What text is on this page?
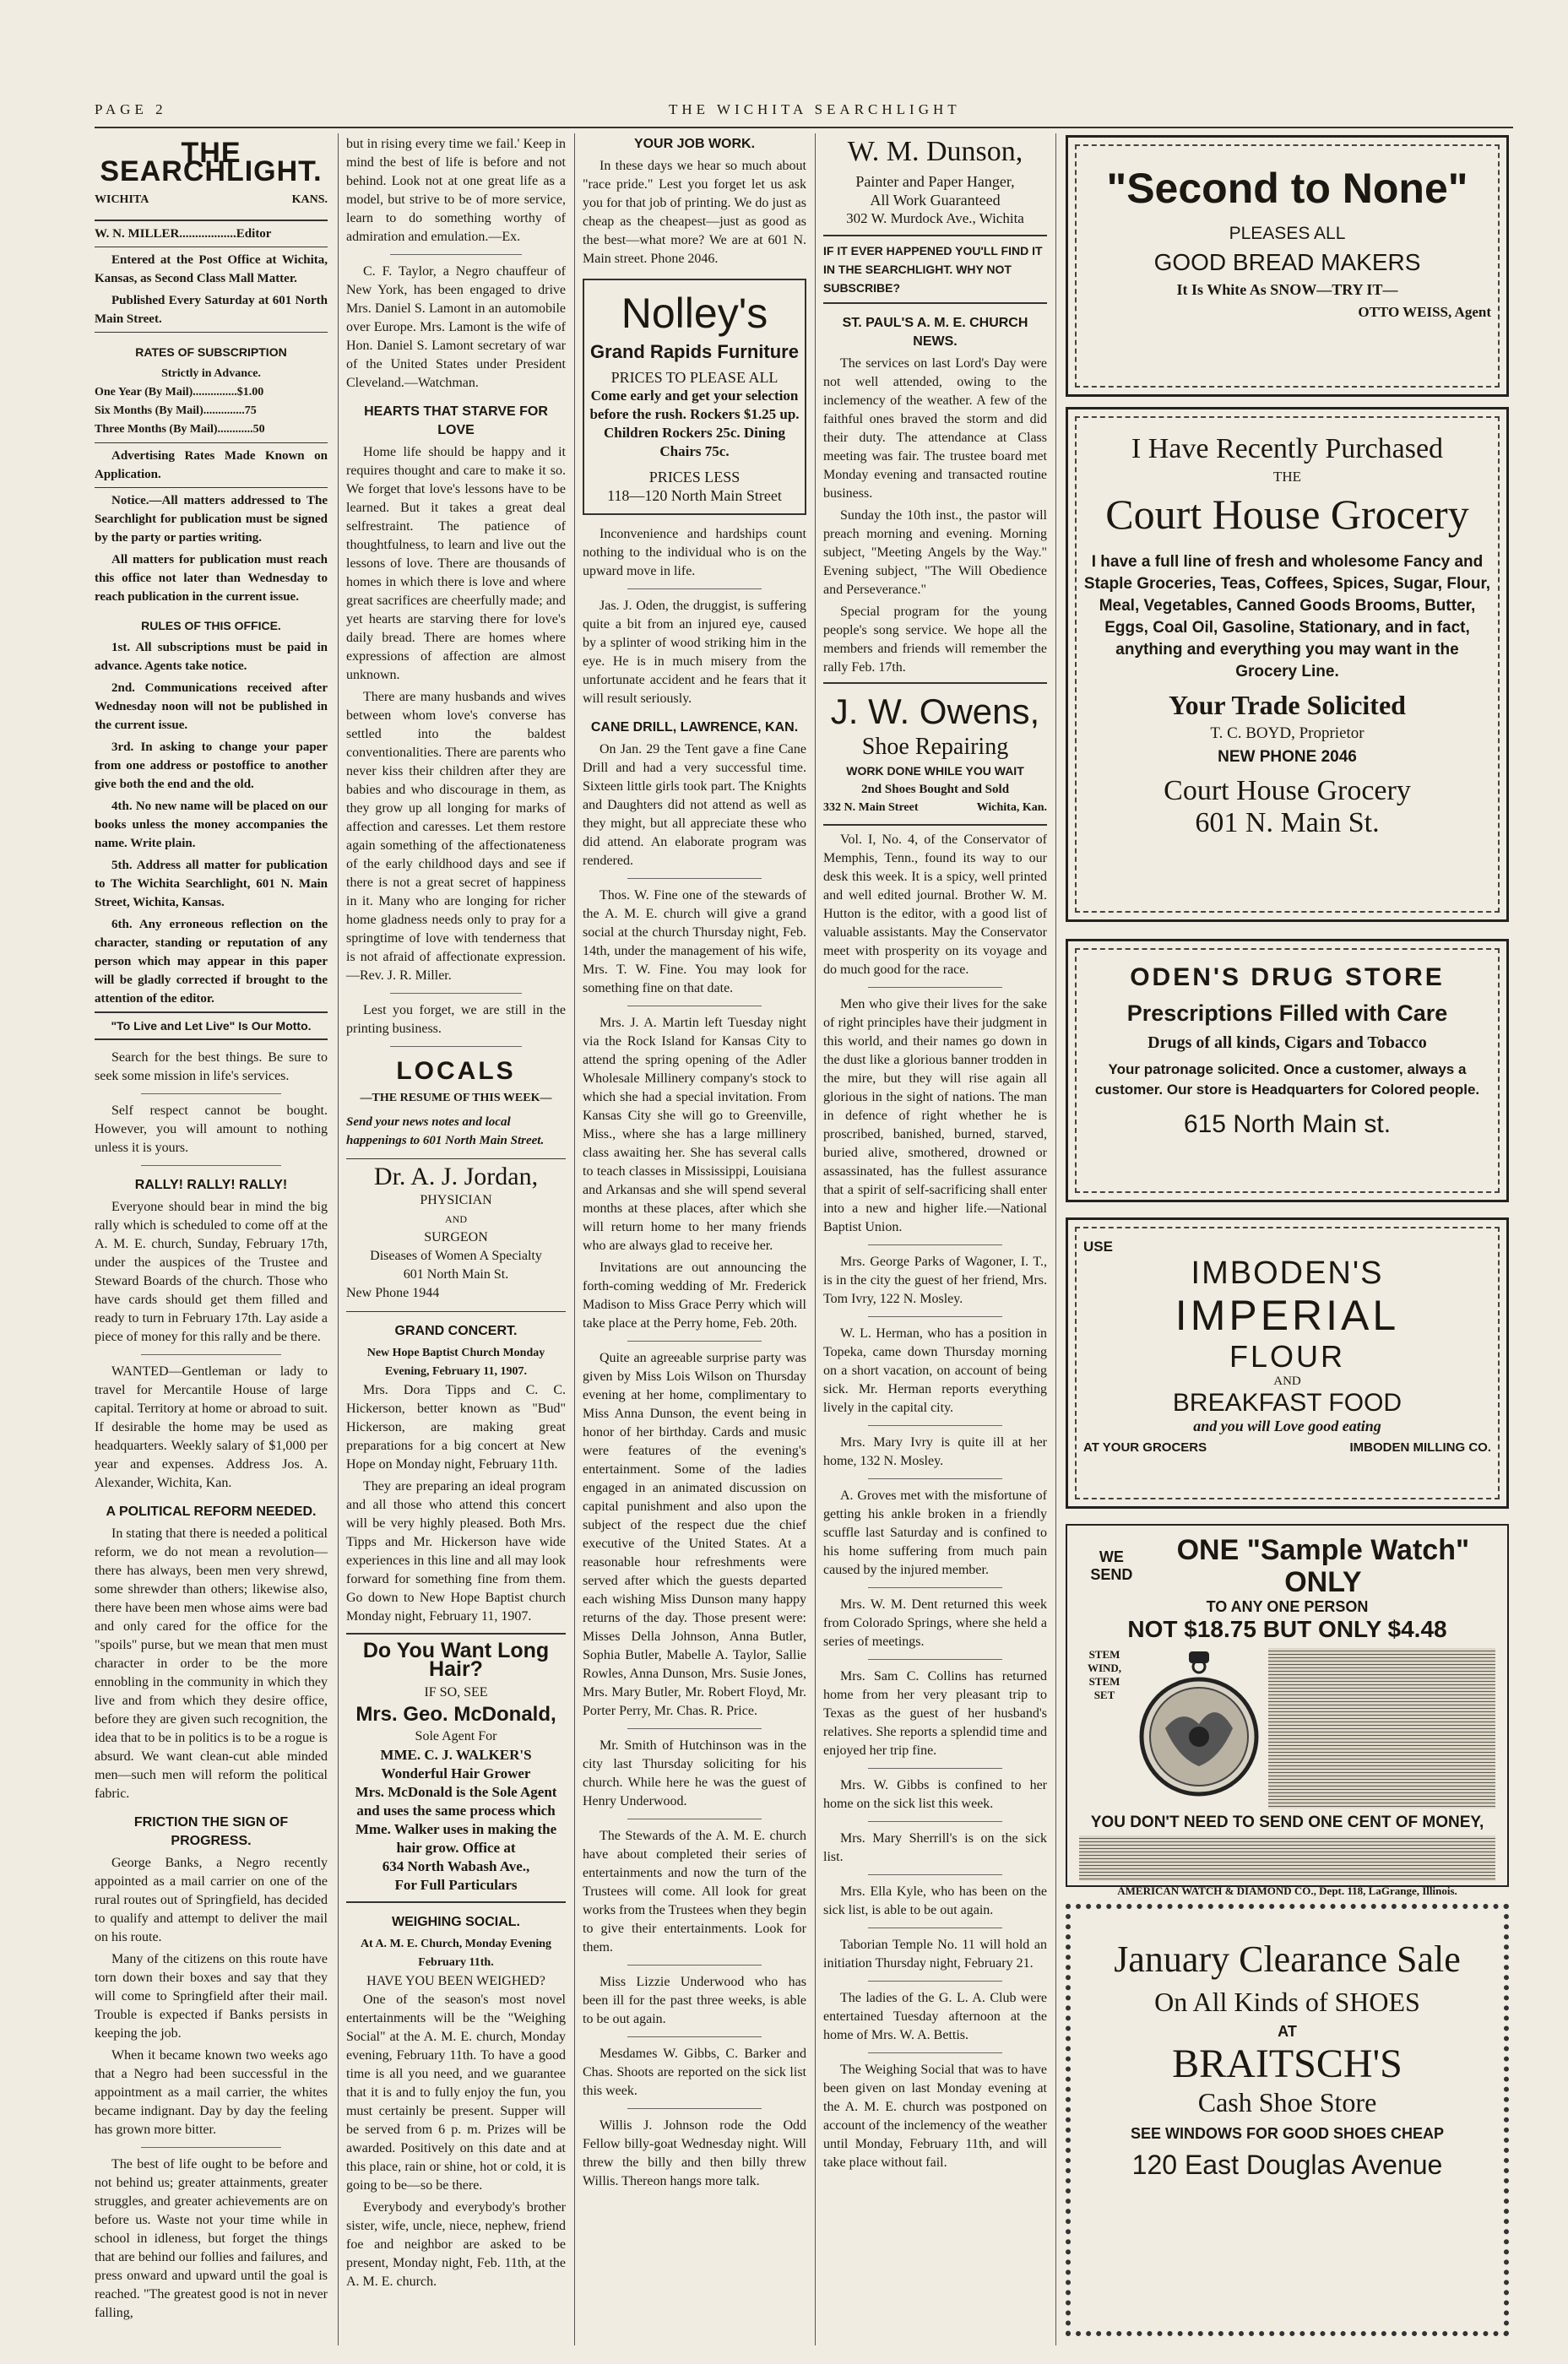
PAGE 2	THE WICHITA SEARCHLIGHT
THE SEARCHLIGHT.
WICHITA	KANS.
W. N. MILLER..................Editor

Entered at the Post Office at Wichita, Kansas, as Second Class Mall Matter.

Published Every Saturday at 601 North Main Street.

RATES OF SUBSCRIPTION
Strictly in Advance.
One Year (By Mail)...............$1.00
Six Months (By Mail)..............75
Three Months (By Mail)............50

Advertising Rates Made Known on Application.

Notice.—All matters addressed to The Searchlight for publication must be signed by the party or parties writing.

All matters for publication must reach this office not later than Wednesday to reach publication in the current issue.

RULES OF THIS OFFICE.

1st. All subscriptions must be paid in advance. Agents take notice.

2nd. Communications received after Wednesday noon will not be published in the current issue.

3rd. In asking to change your paper from one address or postoffice to another give both the end and the old.

4th. No new name will be placed on our books unless the money accompanies the name. Write plain.

5th. Address all matter for publication to The Wichita Searchlight, 601 N. Main Street, Wichita, Kansas.

6th. Any erroneous reflection on the character, standing or reputation of any person which may appear in this paper will be gladly corrected if brought to the attention of the editor.

"To Live and Let Live" Is Our Motto.

Search for the best things. Be sure to seek some mission in life's services.

Self respect cannot be bought. However, you will amount to nothing unless it is yours.

RALLY! RALLY! RALLY!

Everyone should bear in mind the big rally which is scheduled to come off at the A. M. E. church, Sunday, February 17th, under the auspices of the Trustee and Steward Boards of the church. Those who have cards should get them filled and ready to turn in February 17th. Lay aside a piece of money for this rally and be there.

WANTED—Gentleman or lady to travel for Mercantile House of large capital. Territory at home or abroad to suit. If desirable the home may be used as headquarters. Weekly salary of $1,000 per year and expenses. Address Jos. A. Alexander, Wichita, Kan.

A POLITICAL REFORM NEEDED.

In stating that there is needed a political reform, we do not mean a revolution—there has always, been men very shrewd, some shrewder than others; likewise also, there have been men whose aims were bad and only cared for the office for the "spoils" purse, but we mean that men must character in order to be the more ennobling in the community in which they live and from which they desire office, before they are given such recognition, the idea that to be in politics is to be a rogue is absurd. We want clean-cut able minded men—such men will reform the political fabric.

FRICTION THE SIGN OF PROGRESS.

George Banks, a Negro recently appointed as a mail carrier on one of the rural routes out of Springfield, has decided to qualify and attempt to deliver the mail on his route.

Many of the citizens on this route have torn down their boxes and say that they will come to Springfield after their mail. Trouble is expected if Banks persists in keeping the job.

When it became known two weeks ago that a Negro had been successful in the appointment as a mail carrier, the whites became indignant. Day by day the feeling has grown more bitter.

The best of life ought to be before and not behind us; greater attainments, greater struggles, and greater achievements are on before us. Waste not your time while in school in idleness, but forget the things that are behind our follies and failures, and press onward and upward until the goal is reached. "The greatest good is not in never falling,

but in rising every time we fail.' Keep in mind the best of life is before and not behind. Look not at one great life as a model, but strive to be of more service, learn to do something worthy of admiration and emulation.—Ex.

C. F. Taylor, a Negro chauffeur of New York, has been engaged to drive Mrs. Daniel S. Lamont in an automobile over Europe. Mrs. Lamont is the wife of Hon. Daniel S. Lamont secretary of war of the United States under President Cleveland.—Watchman.

HEARTS THAT STARVE FOR LOVE

Home life should be happy and it requires thought and care to make it so. We forget that love's lessons have to be learned. But it takes a great deal selfrestraint. The patience of thoughtfulness, to learn and live out the lessons of love. There are thousands of homes in which there is love and where great sacrifices are cheerfully made; and yet hearts are starving there for love's daily bread. There are homes where expressions of affection are almost unknown.

There are many husbands and wives between whom love's converse has settled into the baldest conventionalities. There are parents who never kiss their children after they are babies and who discourage in them, as they grow up all longing for marks of affection and caresses. Let them restore again something of the affectionateness of the early childhood days and see if there is not a great secret of happiness in it. Many who are longing for richer home gladness needs only to pray for a springtime of love with tenderness that is not afraid of affectionate expression.—Rev. J. R. Miller.

Lest you forget, we are still in the printing business.

LOCALS
—THE RESUME OF THIS WEEK—
Send your news notes and local happenings to 601 North Main Street.
Dr. A. J. Jordan,
PHYSICIAN
AND
SURGEON
Diseases of Women A Specialty
601 North Main St.
New Phone 1944
GRAND CONCERT.
New Hope Baptist Church Monday Evening, February 11, 1907.

Mrs. Dora Tipps and C. C. Hickerson, better known as "Bud" Hickerson, are making great preparations for a big concert at New Hope on Monday night, February 11th.

They are preparing an ideal program and all those who attend this concert will be very highly pleased. Both Mrs. Tipps and Mr. Hickerson have wide experiences in this line and all may look forward for something fine from them. Go down to New Hope Baptist church Monday night, February 11, 1907.

Do You Want Long Hair?
IF SO, SEE
Mrs. Geo. McDonald,
Sole Agent For
MME. C. J. WALKER'S
Wonderful Hair Grower
Mrs. McDonald is the Sole Agent and uses the same process which Mme. Walker uses in making the hair grow. Office at
634 North Wabash Ave.,
For Full Particulars
WEIGHING SOCIAL.
At A. M. E. Church, Monday Evening February 11th.
HAVE YOU BEEN WEIGHED?

One of the season's most novel entertainments will be the "Weighing Social" at the A. M. E. church, Monday evening, February 11th. To have a good time is all you need, and we guarantee that it is and to fully enjoy the fun, you must certainly be present. Supper will be served from 6 p. m. Prizes will be awarded. Positively on this date and at this place, rain or shine, hot or cold, it is going to be—so be there.

Everybody and everybody's brother sister, wife, uncle, niece, nephew, friend foe and neighbor are asked to be present, Monday night, Feb. 11th, at the A. M. E. church.

YOUR JOB WORK.

In these days we hear so much about "race pride." Lest you forget let us ask you for that job of printing. We do just as cheap as the cheapest—just as good as the best—what more? We are at 601 N. Main street. Phone 2046.

Nolley's
Grand Rapids Furniture
PRICES TO PLEASE ALL
Come early and get your selection before the rush. Rockers $1.25 up. Children Rockers 25c. Dining Chairs 75c.
PRICES LESS
118—120 North Main Street

Inconvenience and hardships count nothing to the individual who is on the upward move in life.

Jas. J. Oden, the druggist, is suffering quite a bit from an injured eye, caused by a splinter of wood striking him in the eye. He is in much misery from the unfortunate accident and he fears that it will result seriously.

CANE DRILL, LAWRENCE, KAN.

On Jan. 29 the Tent gave a fine Cane Drill and had a very successful time. Sixteen little girls took part. The Knights and Daughters did not attend as well as they might, but all appreciate these who did attend. An elaborate program was rendered.

Thos. W. Fine one of the stewards of the A. M. E. church will give a grand social at the church Thursday night, Feb. 14th, under the management of his wife, Mrs. T. W. Fine. You may look for something fine on that date.

Mrs. J. A. Martin left Tuesday night via the Rock Island for Kansas City to attend the spring opening of the Adler Wholesale Millinery company's stock to which she had a special invitation. From Kansas City she will go to Greenville, Miss., where she has a large millinery class awaiting her. She has several calls to teach classes in Mississippi, Louisiana and Arkansas and she will spend several months at these places, after which she will return home to her many friends who are always glad to receive her.

Invitations are out announcing the forth-coming wedding of Mr. Frederick Madison to Miss Grace Perry which will take place at the Perry home, Feb. 20th.

Quite an agreeable surprise party was given by Miss Lois Wilson on Thursday evening at her home, complimentary to Miss Anna Dunson, the event being in honor of her birthday. Cards and music were features of the evening's entertainment. Some of the ladies engaged in an animated discussion on capital punishment and also upon the subject of the respect due the chief executive of the United States. At a reasonable hour refreshments were served after which the guests departed each wishing Miss Dunson many happy returns of the day. Those present were: Misses Della Johnson, Anna Butler, Sophia Butler, Mabelle A. Taylor, Sallie Rowles, Anna Dunson, Mrs. Susie Jones, Mrs. Mary Butler, Mr. Robert Floyd, Mr. Porter Perry, Mr. Chas. R. Price.

Mr. Smith of Hutchinson was in the city last Thursday soliciting for his church. While here he was the guest of Henry Underwood.

The Stewards of the A. M. E. church have about completed their series of entertainments and now the turn of the Trustees will come. All look for great works from the Trustees when they begin to give their entertainments. Look for them.

Miss Lizzie Underwood who has been ill for the past three weeks, is able to be out again.

Mesdames W. Gibbs, C. Barker and Chas. Shoots are reported on the sick list this week.

Willis J. Johnson rode the Odd Fellow billy-goat Wednesday night. Will threw the billy and then billy threw Willis. Thereon hangs more talk.

W. M. Dunson,
Painter and Paper Hanger,
All Work Guaranteed
302 W. Murdock Ave., Wichita
IF IT EVER HAPPENED YOU'LL FIND IT IN THE SEARCHLIGHT. WHY NOT SUBSCRIBE?
ST. PAUL'S A. M. E. CHURCH NEWS.

The services on last Lord's Day were not well attended, owing to the inclemency of the weather. A few of the faithful ones braved the storm and did their duty. The attendance at Class meeting was fair. The trustee board met Monday evening and transacted routine business.

Sunday the 10th inst., the pastor will preach morning and evening. Morning subject, "Meeting Angels by the Way." Evening subject, "The Will Obedience and Perseverance."

Special program for the young people's song service. We hope all the members and friends will remember the rally Feb. 17th.

J. W. Owens,
Shoe Repairing
WORK DONE WHILE YOU WAIT
2nd Shoes Bought and Sold
332 N. Main Street	Wichita, Kan.

Vol. I, No. 4, of the Conservator of Memphis, Tenn., found its way to our desk this week. It is a spicy, well printed and well edited journal. Brother W. M. Hutton is the editor, with a good list of valuable assistants. May the Conservator meet with prosperity on its voyage and do much good for the race.

Men who give their lives for the sake of right principles have their judgment in this world, and their names go down in the dust like a glorious banner trodden in the mire, but they will rise again all glorious in the sight of nations. The man in defence of right whether he is proscribed, banished, burned, starved, buried alive, smothered, drowned or assassinated, has the fullest assurance that a spirit of self-sacrificing shall enter into a new and higher life.—National Baptist Union.

Mrs. George Parks of Wagoner, I. T., is in the city the guest of her friend, Mrs. Tom Ivry, 122 N. Mosley.

W. L. Herman, who has a position in Topeka, came down Thursday morning on a short vacation, on account of being sick. Mr. Herman reports everything lively in the capital city.

Mrs. Mary Ivry is quite ill at her home, 132 N. Mosley.

A. Groves met with the misfortune of getting his ankle broken in a friendly scuffle last Saturday and is confined to his home suffering from much pain caused by the injured member.

Mrs. W. M. Dent returned this week from Colorado Springs, where she held a series of meetings.

Mrs. Sam C. Collins has returned home from her very pleasant trip to Texas as the guest of her husband's relatives. She reports a splendid time and enjoyed her trip fine.

Mrs. W. Gibbs is confined to her home on the sick list this week.

Mrs. Mary Sherrill's is on the sick list.

Mrs. Ella Kyle, who has been on the sick list, is able to be out again.

Taborian Temple No. 11 will hold an initiation Thursday night, February 21.

The ladies of the G. L. A. Club were entertained Tuesday afternoon at the home of Mrs. W. A. Bettis.

The Weighing Social that was to have been given on last Monday evening at the A. M. E. church was postponed on account of the inclemency of the weather until Monday, February 11th, and will take place without fail.

"Second to None"
PLEASES ALL
GOOD BREAD MAKERS
It Is White As SNOW—TRY IT—
OTTO WEISS, Agent
I Have Recently Purchased
THE
Court House Grocery
I have a full line of fresh and wholesome Fancy and Staple Groceries, Teas, Coffees, Spices, Sugar, Flour, Meal, Vegetables, Canned Goods Brooms, Butter, Eggs, Coal Oil, Gasoline, Stationary, and in fact, anything and everything you may want in the Grocery Line.
Your Trade Solicited
T. C. BOYD, Proprietor
NEW PHONE 2046
Court House Grocery
601 N. Main St.
ODEN'S DRUG STORE
Prescriptions Filled with Care
Drugs of all kinds, Cigars and Tobacco
Your patronage solicited. Once a customer, always a customer. Our store is Headquarters for Colored people.
615 North Main st.
USE
IMBODEN'S
IMPERIAL
FLOUR
AND
BREAKFAST FOOD
and you will Love good eating
AT YOUR GROCERS	IMBODEN MILLING CO.
WE SEND
ONE "Sample Watch" ONLY
TO ANY ONE PERSON
NOT $18.75 BUT ONLY $4.48
STEM WIND, STEM SET
YOU DON'T NEED TO SEND ONE CENT OF MONEY,
AMERICAN WATCH & DIAMOND CO., Dept. 118, LaGrange, Illinois.
January Clearance Sale
On All Kinds of SHOES
AT
BRAITSCH'S
Cash Shoe Store
SEE WINDOWS FOR GOOD SHOES CHEAP
120 East Douglas Avenue
